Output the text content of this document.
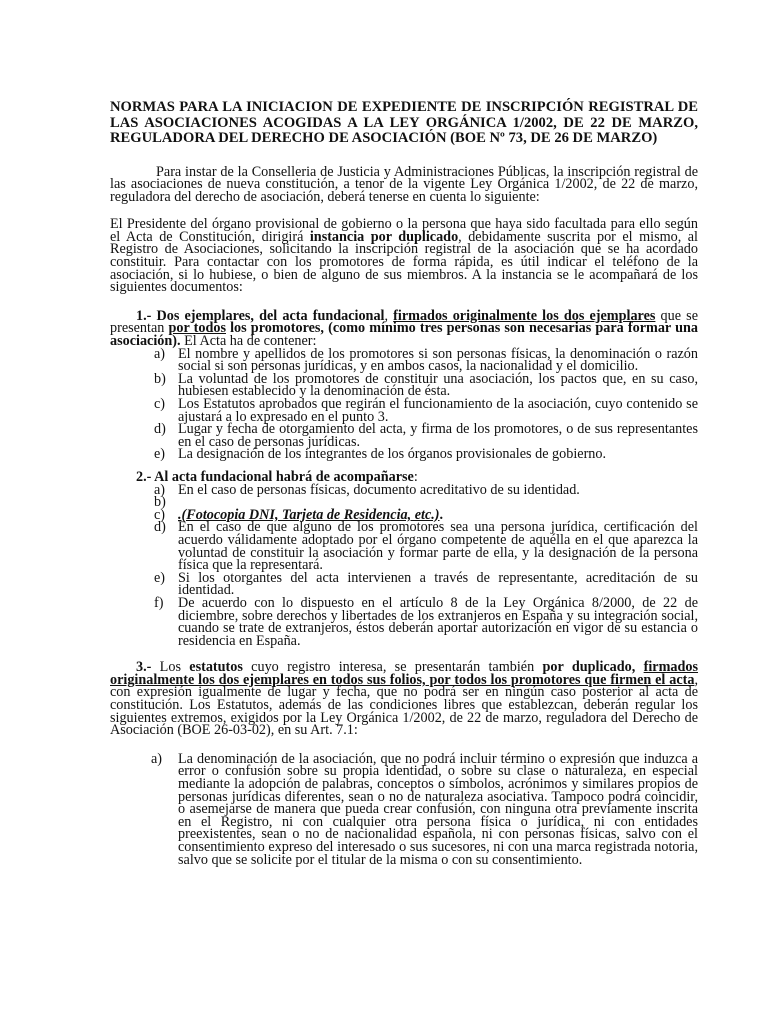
NORMAS PARA LA INICIACION DE EXPEDIENTE DE INSCRIPCIÓN REGISTRAL DE LAS ASOCIACIONES ACOGIDAS A LA LEY ORGÁNICA 1/2002, DE 22 DE MARZO, REGULADORA DEL DERECHO DE ASOCIACIÓN (BOE Nº 73, DE 26 DE MARZO)

Para instar de la Conselleria de Justicia y Administraciones Públicas, la inscripción registral de las asociaciones de nueva constitución, a tenor de la vigente Ley Orgánica 1/2002, de 22 de marzo, reguladora del derecho de asociación, deberá tenerse en cuenta lo siguiente:

El Presidente del órgano provisional de gobierno o la persona que haya sido facultada para ello según el Acta de Constitución, dirigirá instancia por duplicado, debidamente suscrita por el mismo, al Registro de Asociaciones, solicitando la inscripción registral de la asociación que se ha acordado constituir. Para contactar con los promotores de forma rápida, es útil indicar el teléfono de la asociación, si lo hubiese, o bien de alguno de sus miembros. A la instancia se le acompañará de los siguientes documentos:

1.- Dos ejemplares, del acta fundacional, firmados originalmente los dos ejemplares que se presentan por todos los promotores, (como mínimo tres personas son necesarias para formar una asociación). El Acta ha de contener:

a) El nombre y apellidos de los promotores si son personas físicas, la denominación o razón social si son personas jurídicas, y en ambos casos, la nacionalidad y el domicilio.
b) La voluntad de los promotores de constituir una asociación, los pactos que, en su caso, hubiesen establecido y la denominación de ésta.
c) Los Estatutos aprobados que regirán el funcionamiento de la asociación, cuyo contenido se ajustará a lo expresado en el punto 3.
d) Lugar y fecha de otorgamiento del acta, y firma de los promotores, o de sus representantes en el caso de personas jurídicas.
e) La designación de los integrantes de los órganos provisionales de gobierno.

2.- Al acta fundacional habrá de acompañarse:

a) En el caso de personas físicas, documento acreditativo de su identidad.
b)

c) .(Fotocopia DNI, Tarjeta de Residencia, etc.).
d) En el caso de que alguno de los promotores sea una persona jurídica, certificación del acuerdo válidamente adoptado por el órgano competente de aquélla en el que aparezca la voluntad de constituir la asociación y formar parte de ella, y la designación de la persona física que la representará.
e) Si los otorgantes del acta intervienen a través de representante, acreditación de su identidad.
f) De acuerdo con lo dispuesto en el artículo 8 de la Ley Orgánica 8/2000, de 22 de diciembre, sobre derechos y libertades de los extranjeros en España y su integración social, cuando se trate de extranjeros, éstos deberán aportar autorización en vigor de su estancia o residencia en España.

3.- Los estatutos cuyo registro interesa, se presentarán también por duplicado, firmados originalmente los dos ejemplares en todos sus folios, por todos los promotores que firmen el acta, con expresión igualmente de lugar y fecha, que no podrá ser en ningún caso posterior al acta de constitución. Los Estatutos, además de las condiciones libres que establezcan, deberán regular los siguientes extremos, exigidos por la Ley Orgánica 1/2002, de 22 de marzo, reguladora del Derecho de Asociación (BOE 26-03-02), en su Art. 7.1:

a) La denominación de la asociación, que no podrá incluir término o expresión que induzca a error o confusión sobre su propia identidad, o sobre su clase o naturaleza, en especial mediante la adopción de palabras, conceptos o símbolos, acrónimos y similares propios de personas jurídicas diferentes, sean o no de naturaleza asociativa. Tampoco podrá coincidir, o asemejarse de manera que pueda crear confusión, con ninguna otra previamente inscrita en el Registro, ni con cualquier otra persona física o jurídica, ni con entidades preexistentes, sean o no de nacionalidad española, ni con personas físicas, salvo con el consentimiento expreso del interesado o sus sucesores, ni con una marca registrada notoria, salvo que se solicite por el titular de la misma o con su consentimiento.
